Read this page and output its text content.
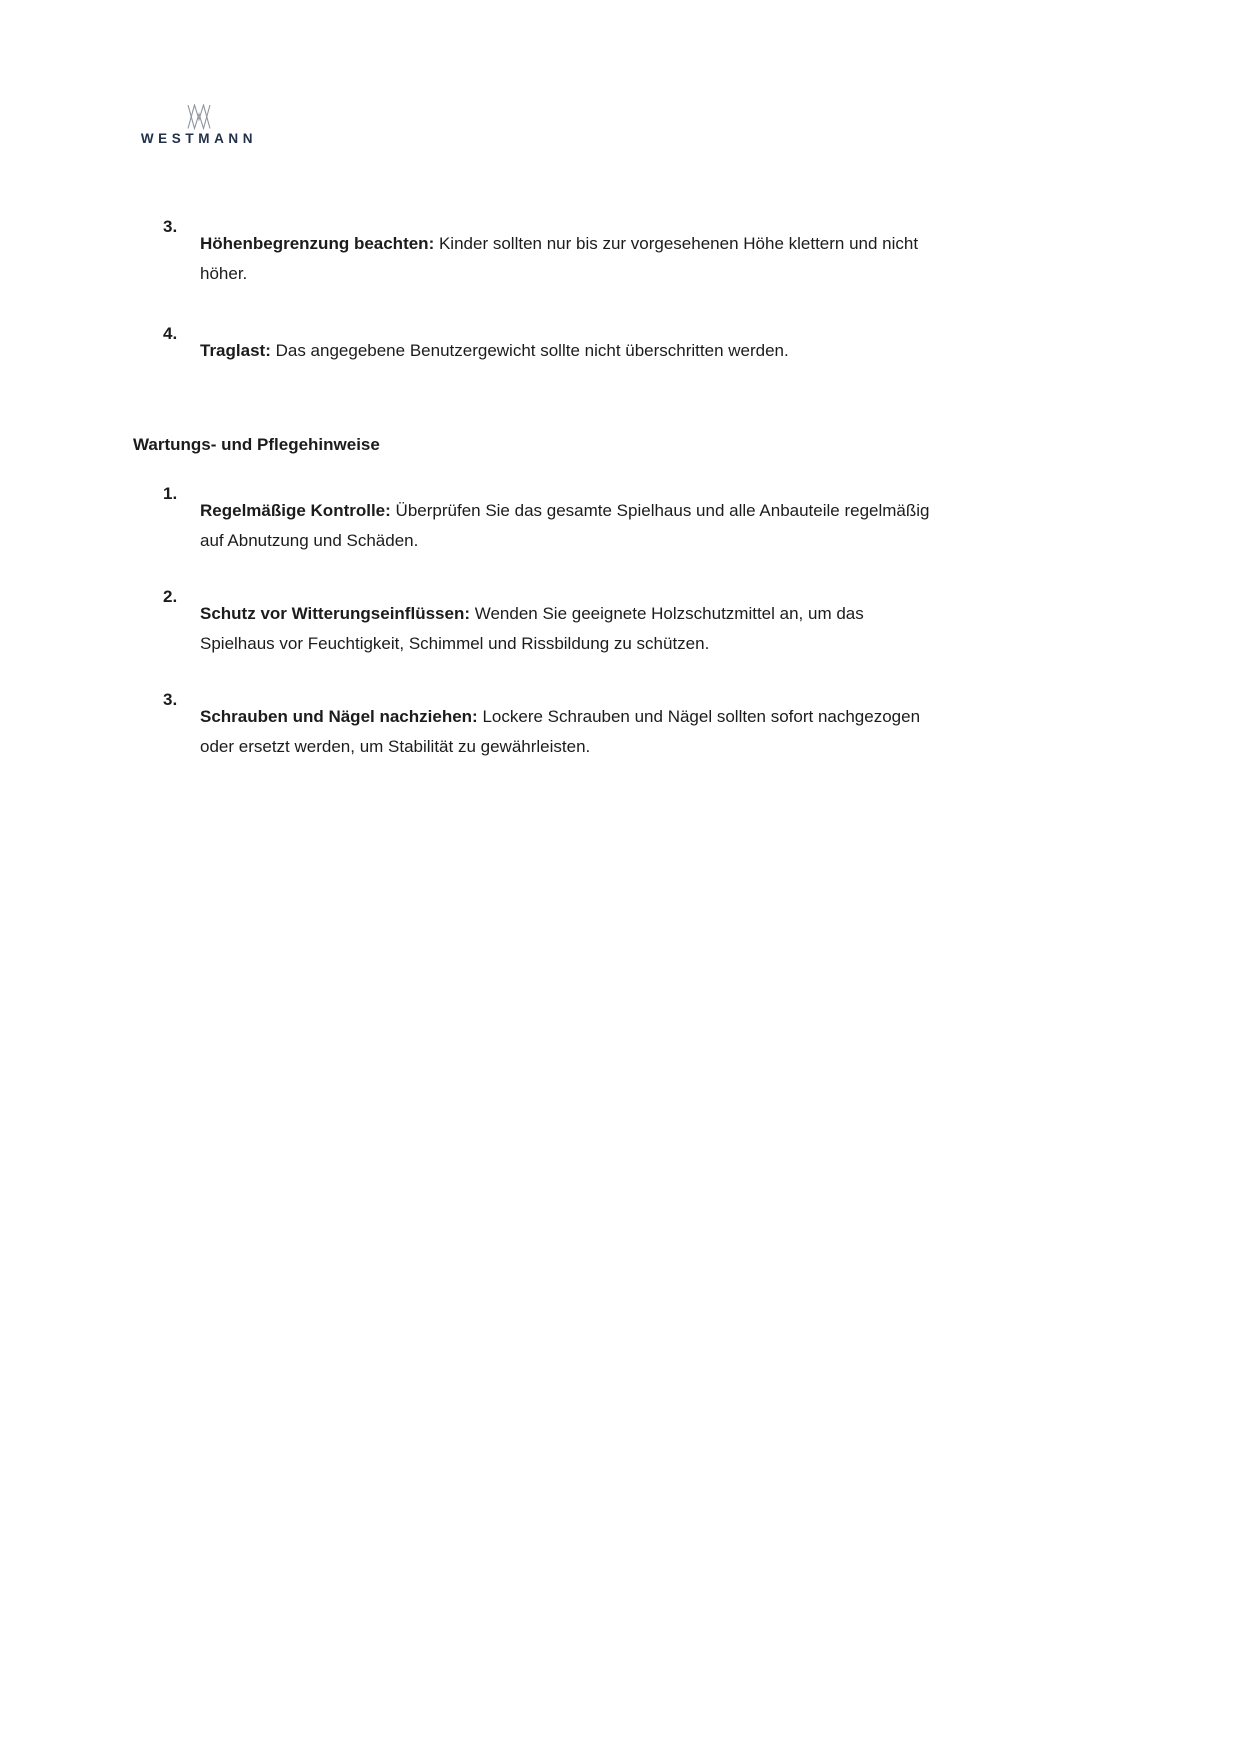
WESTMANN
3.

Höhenbegrenzung beachten: Kinder sollten nur bis zur vorgesehenen Höhe klettern und nicht höher.

4.

Traglast: Das angegebene Benutzergewicht sollte nicht überschritten werden.

Wartungs- und Pflegehinweise
1.

Regelmäßige Kontrolle: Überprüfen Sie das gesamte Spielhaus und alle Anbauteile regelmäßig auf Abnutzung und Schäden.

2.

Schutz vor Witterungseinflüssen: Wenden Sie geeignete Holzschutzmittel an, um das Spielhaus vor Feuchtigkeit, Schimmel und Rissbildung zu schützen.

3.

Schrauben und Nägel nachziehen: Lockere Schrauben und Nägel sollten sofort nachgezogen oder ersetzt werden, um Stabilität zu gewährleisten.
